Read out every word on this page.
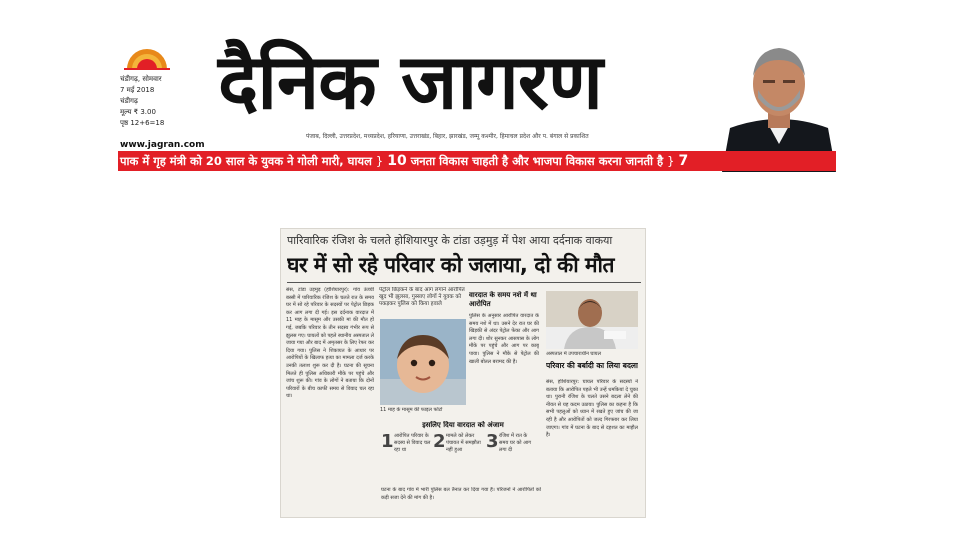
चंडीगढ़, सोमवार
7 मई 2018
चंडीगढ़
मूल्य ₹ 3.00
पृष्ठ 12+6=18 दैनिक जागरण
पंजाब, दिल्ली, उत्तरप्रदेश, मध्यप्रदेश, हरियाणा, उत्तराखंड, बिहार, झारखंड, जम्मू कश्मीर, हिमाचल प्रदेश और प. बंगाल से प्रकाशित
www.jagran.com
पाक में गृह मंत्री को 20 साल के युवक ने गोली मारी, घायल } 10 जनता विकास चाहती है और भाजपा विकास करना जानती है } 7
पारिवारिक रंजिश के चलते होशियारपुर के टांडा उड़मुड़ में पेश आया दर्दनाक वाकया
घर में सो रहे परिवार को जलाया, दो की मौत
संस, टांडा उड़मुड़ (होशियारपुर): गांव ऊंच्ची बस्सी में पारिवारिक रंजिश के चलते रात के समय घर में सो रहे परिवार के सदस्यों पर पेट्रोल छिड़क कर आग लगा दी गई। इस दर्दनाक वारदात में 11 माह के मासूम और उसकी मां की मौत हो गई, जबकि परिवार के तीन सदस्य गंभीर रूप से झुलस गए। घायलों को पहले स्थानीय अस्पताल ले जाया गया और बाद में अमृतसर के लिए रेफर कर दिया गया। पुलिस ने शिकायत के आधार पर आरोपियों के खिलाफ हत्या का मामला दर्ज करके उनकी तलाश शुरू कर दी है। घटना की सूचना मिलते ही पुलिस अधिकारी मौके पर पहुंचे और जांच शुरू की। गांव के लोगों ने बताया कि दोनों परिवारों के बीच काफी समय से विवाद चल रहा था।
पेट्रोल छिड़कने के बाद आग लगाने आरोपित खुद भी झुलसा, गुस्साए लोगों ने युवक को पकड़कर पुलिस को किया हवाले
11 माह के मासूम की फाइल फोटो
वारदात के समय नशे में था आरोपित
पुलिस के अनुसार आरोपित वारदात के समय नशे में था। उसने देर रात घर की खिड़की से अंदर पेट्रोल फेंका और आग लगा दी। शोर सुनकर आसपास के लोग मौके पर पहुंचे और आग पर काबू पाया। पुलिस ने मौके से पेट्रोल की खाली बोतल बरामद की है।
अस्पताल में उपचाराधीन घायल
परिवार की बर्बादी का लिया बदला
संस, होशियारपुर: घायल परिवार के सदस्यों ने बताया कि आरोपित पहले भी उन्हें धमकियां दे चुका था। पुरानी रंजिश के चलते उसने बदला लेने की नीयत से यह कदम उठाया। पुलिस का कहना है कि सभी पहलुओं को ध्यान में रखते हुए जांच की जा रही है और आरोपितों को जल्द गिरफ्तार कर लिया जाएगा। गांव में घटना के बाद से दहशत का माहौल है।
इसलिए दिया वारदात को अंजाम
1 आरोपित परिवार के सदस्य से विवाद चल रहा था	2 मामले को लेकर पंचायत में समझौता नहीं हुआ	3 रंजिश में रात के समय घर को आग लगा दी
घटना के बाद गांव में भारी पुलिस बल तैनात कर दिया गया है। परिजनों ने आरोपितों को कड़ी सजा देने की मांग की है।
